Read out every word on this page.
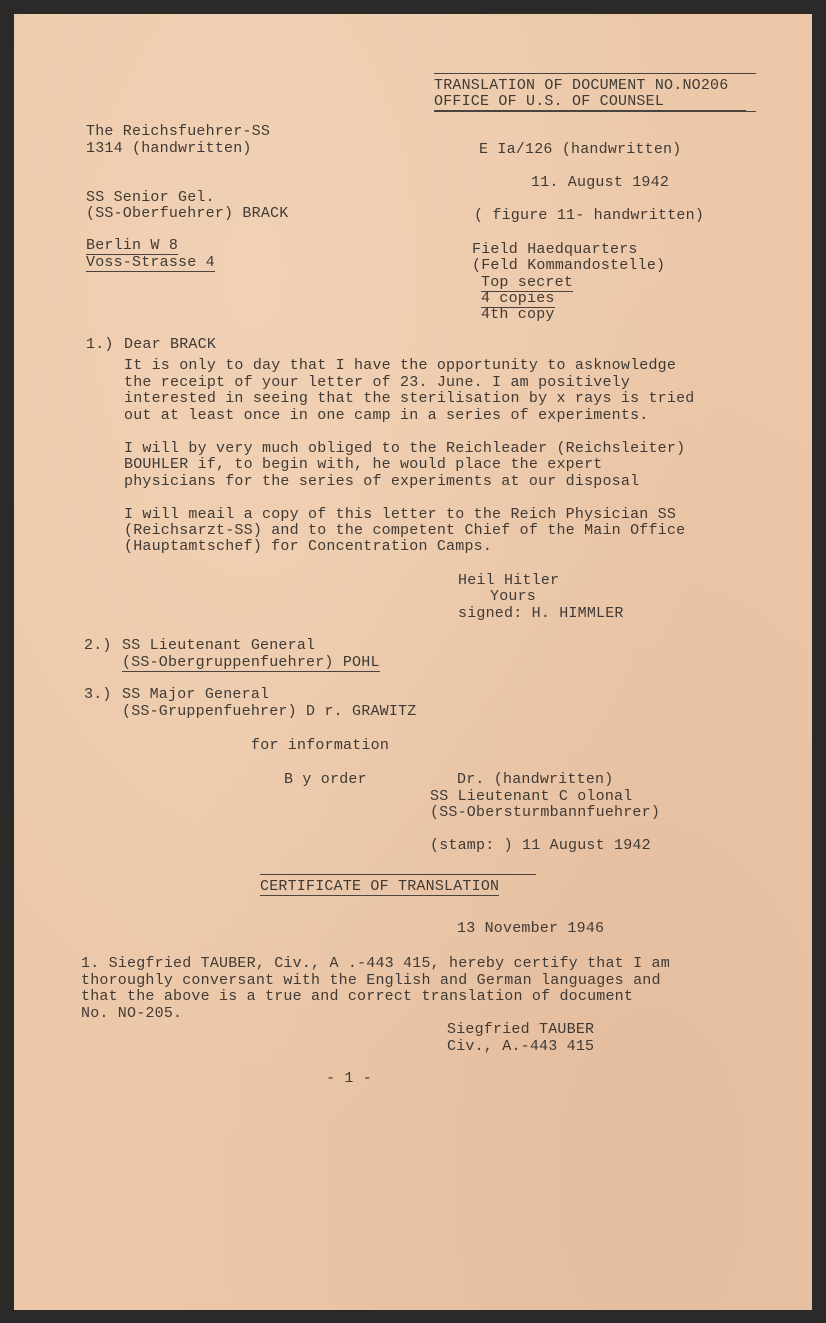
TRANSLATION OF DOCUMENT NO.NO206
OFFICE OF U.S. OF COUNSEL
The Reichsfuehrer-SS
1314 (handwritten)	E Ia/126 (handwritten)
11. August 1942
SS Senior Gel.
(SS-Oberfuehrer) BRACK	( figure 11- handwritten)
Berlin W 8
Voss-Strasse 4
Field Haedquarters
(Feld Kommandostelle)
Top secret
4 copies
4th copy
1.) Dear BRACK
It is only to day that I have the opportunity to asknowledge
the receipt of your letter of 23. June. I am positively
interested in seeing that the sterilisation by x rays is tried
out at least once in one camp in a series of experiments.
I will by very much obliged to the Reichleader (Reichsleiter)
BOUHLER if, to begin with, he would place the expert
physicians for the series of experiments at our disposal
I will meail a copy of this letter to the Reich Physician SS
(Reichsarzt-SS) and to the competent Chief of the Main Office
(Hauptamtschef) for Concentration Camps.
Heil Hitler
Yours
signed: H. HIMMLER
2.) SS Lieutenant General
(SS-Obergruppenfuehrer) POHL
3.) SS Major General
(SS-Gruppenfuehrer) D r. GRAWITZ
for information
B y order	Dr. (handwritten)
SS Lieutenant C olonal
(SS-Obersturmbannfuehrer)
(stamp: ) 11 August 1942
CERTIFICATE OF TRANSLATION
13 November 1946
1. Siegfried TAUBER, Civ., A .-443 415, hereby certify that I am
thoroughly conversant with the English and German languages and
that the above is a true and correct translation of document
No. NO-205.
Siegfried TAUBER
Civ., A.-443 415
- 1 -
